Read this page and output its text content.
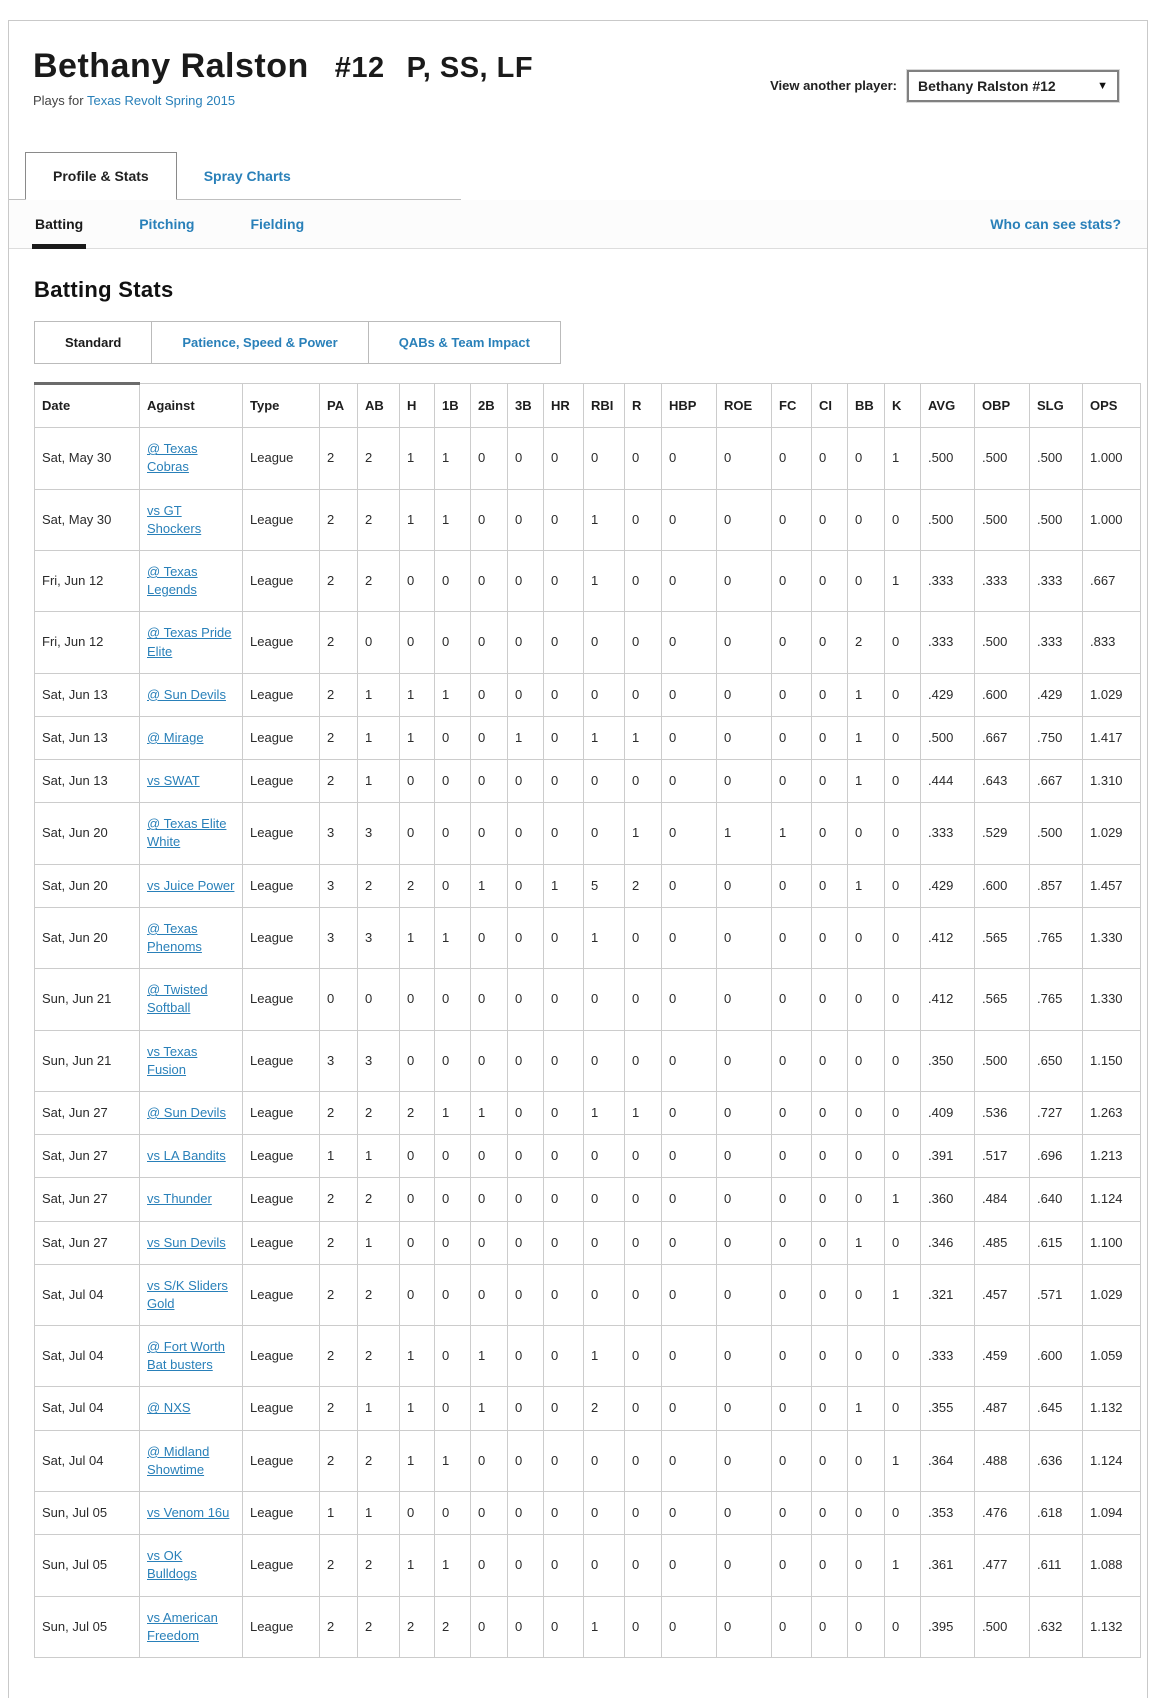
Bethany Ralston #12 P, SS, LF
Plays for Texas Revolt Spring 2015
View another player: Bethany Ralston #12	▼
Profile & Stats	Spray Charts
Batting	Pitching	Fielding	Who can see stats?
Batting Stats
Standard	Patience, Speed & Power	QABs & Team Impact
Date	Against	Type	PA	AB	H	1B	2B	3B	HR	RBI	R	HBP	ROE	FC	CI	BB	K	AVG	OBP	SLG	OPS
Sat, May 30	@ Texas Cobras	League	2	2	1	1	0	0	0	0	0	0	0	0	0	0	1	.500	.500	.500	1.000
Sat, May 30	vs GT Shockers	League	2	2	1	1	0	0	0	1	0	0	0	0	0	0	0	.500	.500	.500	1.000
Fri, Jun 12	@ Texas Legends	League	2	2	0	0	0	0	0	1	0	0	0	0	0	0	1	.333	.333	.333	.667
Fri, Jun 12	@ Texas Pride Elite	League	2	0	0	0	0	0	0	0	0	0	0	0	0	2	0	.333	.500	.333	.833
Sat, Jun 13	@ Sun Devils	League	2	1	1	1	0	0	0	0	0	0	0	0	0	1	0	.429	.600	.429	1.029
Sat, Jun 13	@ Mirage	League	2	1	1	0	0	1	0	1	1	0	0	0	0	1	0	.500	.667	.750	1.417
Sat, Jun 13	vs SWAT	League	2	1	0	0	0	0	0	0	0	0	0	0	0	1	0	.444	.643	.667	1.310
Sat, Jun 20	@ Texas Elite White	League	3	3	0	0	0	0	0	0	1	0	1	1	0	0	0	.333	.529	.500	1.029
Sat, Jun 20	vs Juice Power	League	3	2	2	0	1	0	1	5	2	0	0	0	0	1	0	.429	.600	.857	1.457
Sat, Jun 20	@ Texas Phenoms	League	3	3	1	1	0	0	0	1	0	0	0	0	0	0	0	.412	.565	.765	1.330
Sun, Jun 21	@ Twisted Softball	League	0	0	0	0	0	0	0	0	0	0	0	0	0	0	0	.412	.565	.765	1.330
Sun, Jun 21	vs Texas Fusion	League	3	3	0	0	0	0	0	0	0	0	0	0	0	0	0	.350	.500	.650	1.150
Sat, Jun 27	@ Sun Devils	League	2	2	2	1	1	0	0	1	1	0	0	0	0	0	0	.409	.536	.727	1.263
Sat, Jun 27	vs LA Bandits	League	1	1	0	0	0	0	0	0	0	0	0	0	0	0	0	.391	.517	.696	1.213
Sat, Jun 27	vs Thunder	League	2	2	0	0	0	0	0	0	0	0	0	0	0	0	1	.360	.484	.640	1.124
Sat, Jun 27	vs Sun Devils	League	2	1	0	0	0	0	0	0	0	0	0	0	0	1	0	.346	.485	.615	1.100
Sat, Jul 04	vs S/K Sliders Gold	League	2	2	0	0	0	0	0	0	0	0	0	0	0	0	1	.321	.457	.571	1.029
Sat, Jul 04	@ Fort Worth Bat busters	League	2	2	1	0	1	0	0	1	0	0	0	0	0	0	0	.333	.459	.600	1.059
Sat, Jul 04	@ NXS	League	2	1	1	0	1	0	0	2	0	0	0	0	0	1	0	.355	.487	.645	1.132
Sat, Jul 04	@ Midland Showtime	League	2	2	1	1	0	0	0	0	0	0	0	0	0	0	1	.364	.488	.636	1.124
Sun, Jul 05	vs Venom 16u	League	1	1	0	0	0	0	0	0	0	0	0	0	0	0	0	.353	.476	.618	1.094
Sun, Jul 05	vs OK Bulldogs	League	2	2	1	1	0	0	0	0	0	0	0	0	0	0	1	.361	.477	.611	1.088
Sun, Jul 05	vs American Freedom	League	2	2	2	2	0	0	0	1	0	0	0	0	0	0	0	.395	.500	.632	1.132
